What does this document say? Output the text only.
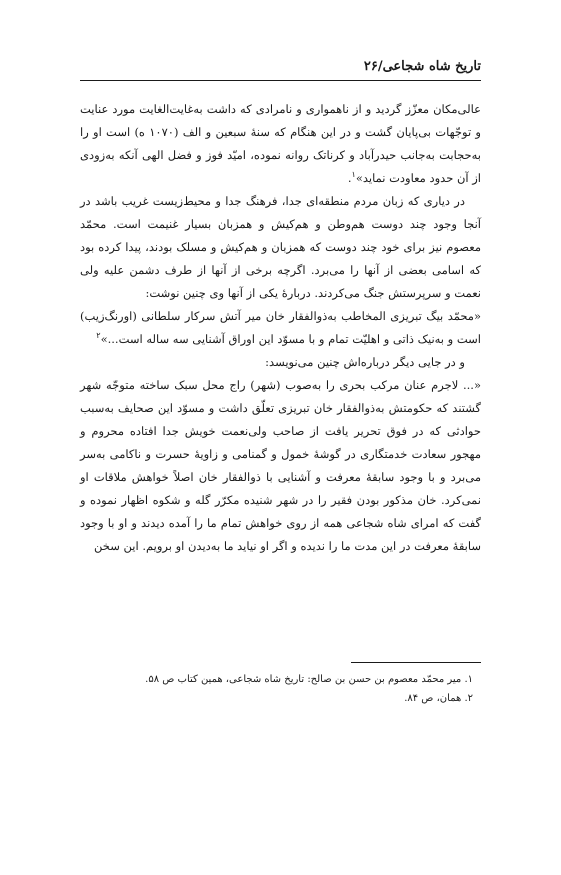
تاریخ شاه شجاعی/۲۶

عالی‌مکان معزّز گردید و از ناهمواری و نامرادی که داشت به‌غایت‌الغایت مورد عنایت و توجّهات بی‌پایان گشت و در این هنگام که سنهٔ سبعین و الف (۱۰۷۰ ه) است او را به‌حجابت به‌جانب حیدرآباد و کرناتک روانه نموده، امیّد فوز و فضل الهی آنکه به‌زودی از آن حدود معاودت نماید»$^۱$.

در دیاری که زبان مردم منطقه‌ای جدا، فرهنگ جدا و محیط‌زیست غریب باشد در آنجا وجود چند دوست هم‌وطن و هم‌کیش و همزبان بسیار غنیمت است. محمّد معصوم نیز برای خود چند دوست که همزبان و هم‌کیش و مسلک بودند، پیدا کرده بود که اسامی بعضی از آنها را می‌برد. اگرچه برخی از آنها از طرف دشمن علیه ولی نعمت و سرپرستش جنگ می‌کردند. دربارهٔ یکی از آنها وی چنین نوشت:

«محمّد بیگ تبریزی المخاطب به‌ذوالفقار خان میر آتش سرکار سلطانی (اورنگ‌زیب) است و به‌نیک ذاتی و اهلیّت تمام و با مسوّد این اوراق آشنایی سه ساله است...»$^۲$

و در جایی دیگر درباره‌اش چنین می‌نویسد:

«... لاجرم عنان مرکب بحری را به‌صوب (شهر) راج محل سبک ساخته متوجّه شهر گشتند که حکومتش به‌ذوالفقار خان تبریزی تعلّق داشت و مسوّد این صحایف به‌سبب حوادثی که در فوق تحریر یافت از صاحب ولی‌نعمت خویش جدا افتاده محروم و مهجور سعادت خدمتگاری در گوشهٔ خمول و گمنامی و زاویهٔ حسرت و ناکامی به‌سر می‌برد و با وجود سابقهٔ معرفت و آشنایی با ذوالفقار خان اصلاً خواهش ملاقات او نمی‌کرد. خان مذکور بودن فقیر را در شهر شنیده مکرّر گله و شکوه اظهار نموده و گفت که امرای شاه شجاعی همه از روی خواهش تمام ما را آمده دیدند و او با وجود سابقهٔ معرفت در این مدت ما را ندیده و اگر او نیاید ما به‌دیدن او برویم. این سخن

۱. میر محمّد معصوم بن حسن بن صالح: تاریخ شاه شجاعی، همین کتاب ص ۵۸.

۲. همان، ص ۸۴.
